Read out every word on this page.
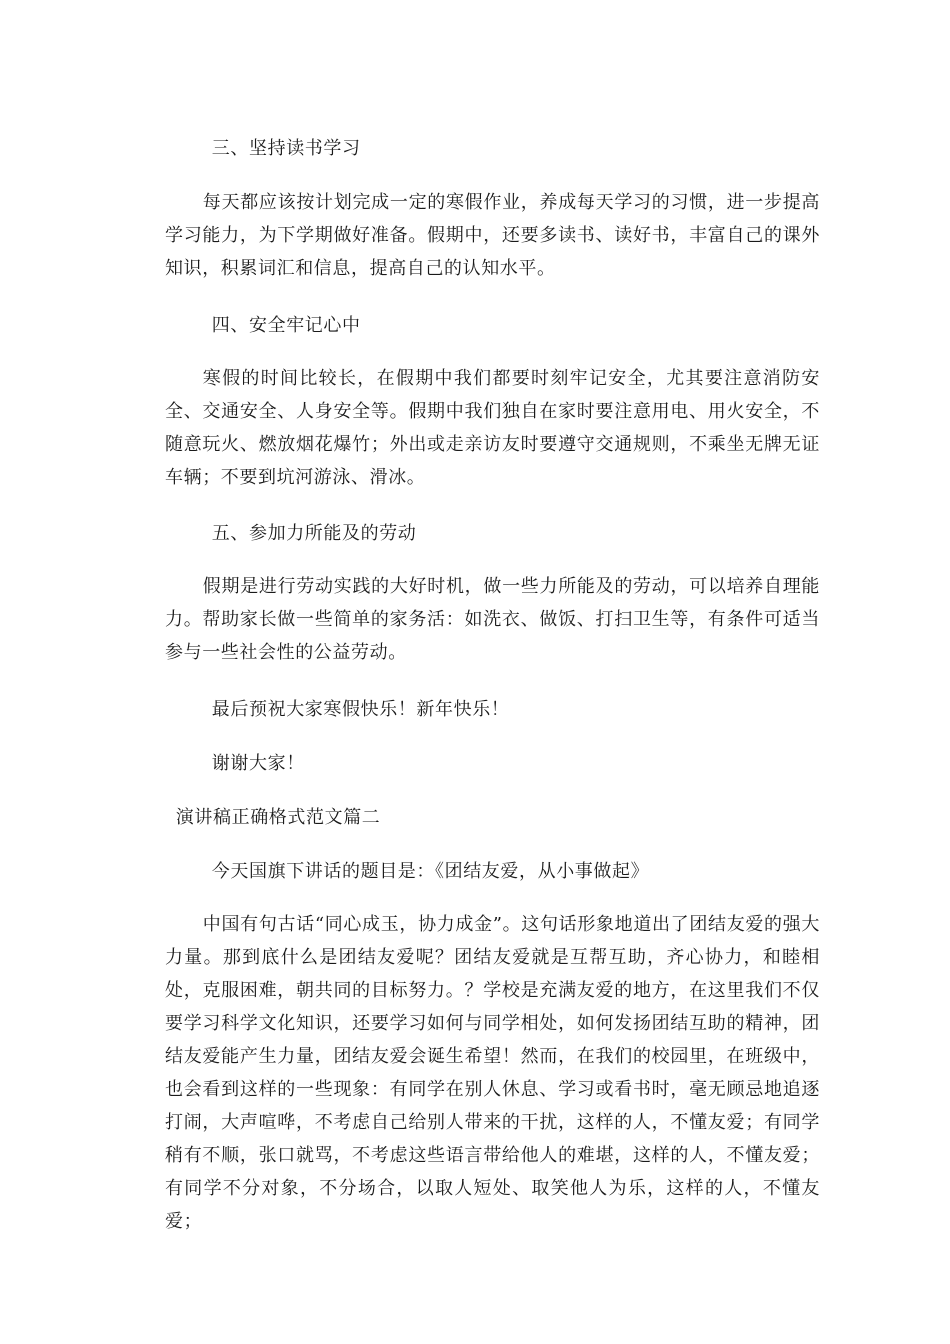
三、坚持读书学习

每天都应该按计划完成一定的寒假作业，养成每天学习的习惯，进一步提高学习能力，为下学期做好准备。假期中，还要多读书、读好书，丰富自己的课外知识，积累词汇和信息，提高自己的认知水平。

四、安全牢记心中

寒假的时间比较长，在假期中我们都要时刻牢记安全，尤其要注意消防安全、交通安全、人身安全等。假期中我们独自在家时要注意用电、用火安全，不随意玩火、燃放烟花爆竹；外出或走亲访友时要遵守交通规则，不乘坐无牌无证车辆；不要到坑河游泳、滑冰。

五、参加力所能及的劳动

假期是进行劳动实践的大好时机，做一些力所能及的劳动，可以培养自理能力。帮助家长做一些简单的家务活：如洗衣、做饭、打扫卫生等，有条件可适当参与一些社会性的公益劳动。

最后预祝大家寒假快乐！新年快乐！

谢谢大家！

演讲稿正确格式范文篇二

今天国旗下讲话的题目是：《团结友爱，从小事做起》

中国有句古话“同心成玉，协力成金”。这句话形象地道出了团结友爱的强大力量。那到底什么是团结友爱呢？团结友爱就是互帮互助，齐心协力，和睦相处，克服困难，朝共同的目标努力。？学校是充满友爱的地方，在这里我们不仅要学习科学文化知识，还要学习如何与同学相处，如何发扬团结互助的精神，团结友爱能产生力量，团结友爱会诞生希望！然而，在我们的校园里，在班级中，也会看到这样的一些现象：有同学在别人休息、学习或看书时，毫无顾忌地追逐打闹，大声喧哗，不考虑自己给别人带来的干扰，这样的人，不懂友爱；有同学稍有不顺，张口就骂，不考虑这些语言带给他人的难堪，这样的人，不懂友爱；有同学不分对象，不分场合，以取人短处、取笑他人为乐，这样的人，不懂友爱；
